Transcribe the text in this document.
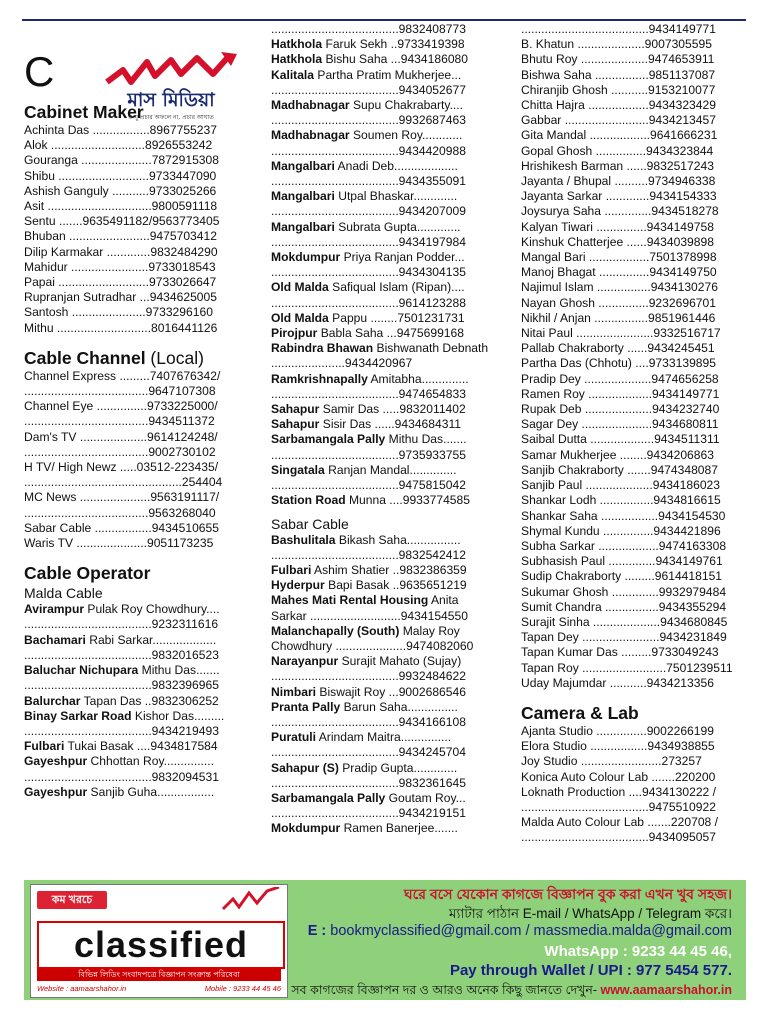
C
Cabinet Maker
Achinta Das .................8967755237
Alok ............................8926553242
Gouranga .....................7872915308
Shibu ...........................9733447090
Ashish Ganguly ...........9733025266
Asit ...............................9800591118
Sentu .......9635491182/9563773405
Bhuban ........................9475703412
Dilip Karmakar .............9832484290
Mahidur .......................9733018543
Papai ...........................9733026647
Rupranjan Sutradhar ...9434625005
Santosh ......................9733296160
Mithu ............................8016441126
Cable Channel (Local)
Channel Express .........7407676342/
.....................................9647107308
Channel Eye ...............9733225000/
.....................................9434511372
Dam's TV ....................9614124248/
.....................................9002730102
H TV/ High Newz .....03512-223435/
...............................................254404
MC News .....................9563191117/
.....................................9563268040
Sabar Cable .................9434510655
Waris TV .....................9051173235
Cable Operator
Malda Cable
Avirampur Pulak Roy Chowdhury....
......................................9232311616
Bachamari Rabi Sarkar...................
......................................9832016523
Baluchar Nichupara Mithu Das.......
......................................9832396965
Balurchar Tapan Das ..9832306252
Binay Sarkar Road Kishor Das.........
......................................9434219493
Fulbari Tukai Basak ....9434817584
Gayeshpur Chhottan Roy...............
......................................9832094531
Gayeshpur Sanjib Guha.................
মাস মিডিয়া
ও যু প্রচার অফলে না, প্রচার আঘাত
......................................9832408773
Hatkhola Faruk Sekh ..9733419398
Hatkhola Bishu Saha ...9434186080
Kalitala Partha Pratim Mukherjee...
......................................9434052677
Madhabnagar Supu Chakrabarty....
......................................9932687463
Madhabnagar Soumen Roy............
......................................9434420988
Mangalbari Anadi Deb...................
......................................9434355091
Mangalbari Utpal Bhaskar.............
......................................9434207009
Mangalbari Subrata Gupta.............
......................................9434197984
Mokdumpur Priya Ranjan Podder...
......................................9434304135
Old Malda Safiqual Islam (Ripan)....
......................................9614123288
Old Malda Pappu ........7501231731
Pirojpur Babla Saha ...9475699168
Rabindra Bhawan Bishwanath Debnath
......................9434420967
Ramkrishnapally Amitabha..............
......................................9474654833
Sahapur Samir Das .....9832011402
Sahapur Sisir Das ......9434684311
Sarbamangala Pally Mithu Das.......
......................................9735933755
Singatala Ranjan Mandal..............
......................................9475815042
Station Road Munna ....9933774585
Sabar Cable
Bashulitala Bikash Saha................
......................................9832542412
Fulbari Ashim Shatier ..9832386359
Hyderpur Bapi Basak ..9635651219
Mahes Mati Rental Housing Anita
Sarkar ...........................9434154550
Malanchapally (South) Malay Roy
Chowdhury .....................9474082060
Narayanpur Surajit Mahato (Sujay)
......................................9932484622
Nimbari Biswajit Roy ...9002686546
Pranta Pally Barun Saha...............
......................................9434166108
Puratuli Arindam Maitra...............
......................................9434245704
Sahapur (S) Pradip Gupta.............
......................................9832361645
Sarbamangala Pally Goutam Roy...
......................................9434219151
Mokdumpur Ramen Banerjee.......
......................................9434149771
B. Khatun ....................9007305595
Bhutu Roy ....................9474653911
Bishwa Saha ................9851137087
Chiranjib Ghosh ...........9153210077
Chitta Hajra ..................9434323429
Gabbar .........................9434213457
Gita Mandal ..................9641666231
Gopal Ghosh ...............9434323844
Hrishikesh Barman ......9832517243
Jayanta / Bhupal ..........9734946338
Jayanta Sarkar .............9434154333
Joysurya Saha ..............9434518278
Kalyan Tiwari ...............9434149758
Kinshuk Chatterjee ......9434039898
Mangal Bari ..................7501378998
Manoj Bhagat ...............9434149750
Najimul Islam ................9434130276
Nayan Ghosh ...............9232696701
Nikhil / Anjan ................9851961446
Nitai Paul .......................9332516717
Pallab Chakraborty ......9434245451
Partha Das (Chhotu) ....9733139895
Pradip Dey ....................9474656258
Ramen Roy ...................9434149771
Rupak Deb ....................9434232740
Sagar Dey .....................9434680811
Saibal Dutta ...................9434511311
Samar Mukherjee ........9434206863
Sanjib Chakraborty .......9474348087
Sanjib Paul ....................9434186023
Shankar Lodh ................9434816615
Shankar Saha .................9434154530
Shymal Kundu ...............9434421896
Subha Sarkar ..................9474163308
Subhasish Paul ..............9434149761
Sudip Chakraborty .........9614418151
Sukumar Ghosh ..............9932979484
Sumit Chandra ................9434355294
Surajit Sinha ....................9434680845
Tapan Dey .......................9434231849
Tapan Kumar Das .........9733049243
Tapan Roy .........................7501239511
Uday Majumdar ...........9434213356
Camera & Lab
Ajanta Studio ...............9002266199
Elora Studio .................9434938855
Joy Studio ........................273257
Konica Auto Colour Lab .......220200
Loknath Production ....9434130222 /
......................................9475510922
Malda Auto Colour Lab .......220708 /
......................................9434095057
কম খরচে
classified
বিভিন্ন লিডিং সংবাদপত্রে বিজ্ঞাপন সংক্রান্ত পরিষেবা
Website : aamaarshahor.in	Mobile : 9233 44 45 46
ঘরে বসে যেকোন কাগজে বিজ্ঞাপন বুক করা এখন খুব সহজ।
ম্যাটার পাঠান E-mail / WhatsApp / Telegram করে।
E : bookmyclassified@gmail.com / massmedia.malda@gmail.com
WhatsApp : 9233 44 45 46,
Pay through Wallet / UPI : 977 5454 577.
সব কাগজের বিজ্ঞাপন দর ও আরও অনেক কিছু জানতে দেখুন- www.aamaarshahor.in
